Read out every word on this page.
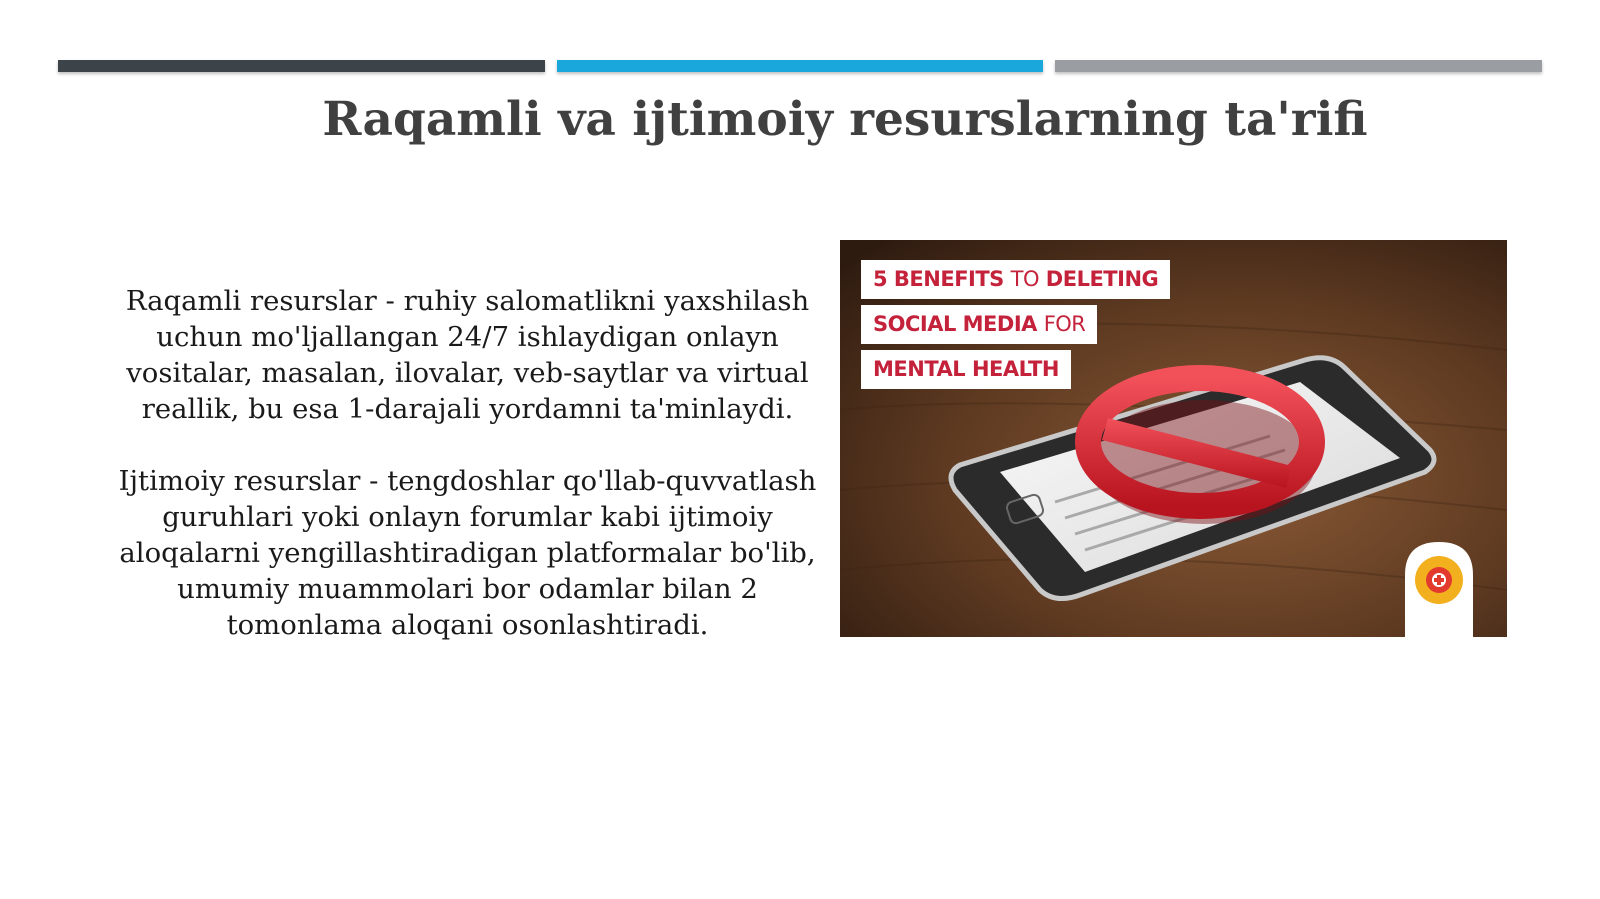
Raqamli va ijtimoiy resurslarning ta'rifi

Raqamli resurslar - ruhiy salomatlikni yaxshilash uchun mo'ljallangan 24/7 ishlaydigan onlayn vositalar, masalan, ilovalar, veb-saytlar va virtual reallik, bu esa 1-darajali yordamni ta'minlaydi.

Ijtimoiy resurslar - tengdoshlar qo'llab-quvvatlash guruhlari yoki onlayn forumlar kabi ijtimoiy aloqalarni yengillashtiradigan platformalar bo'lib, umumiy muammolari bor odamlar bilan 2 tomonlama aloqani osonlashtiradi.

5 BENEFITS TO DELETING
SOCIAL MEDIA FOR
MENTAL HEALTH
